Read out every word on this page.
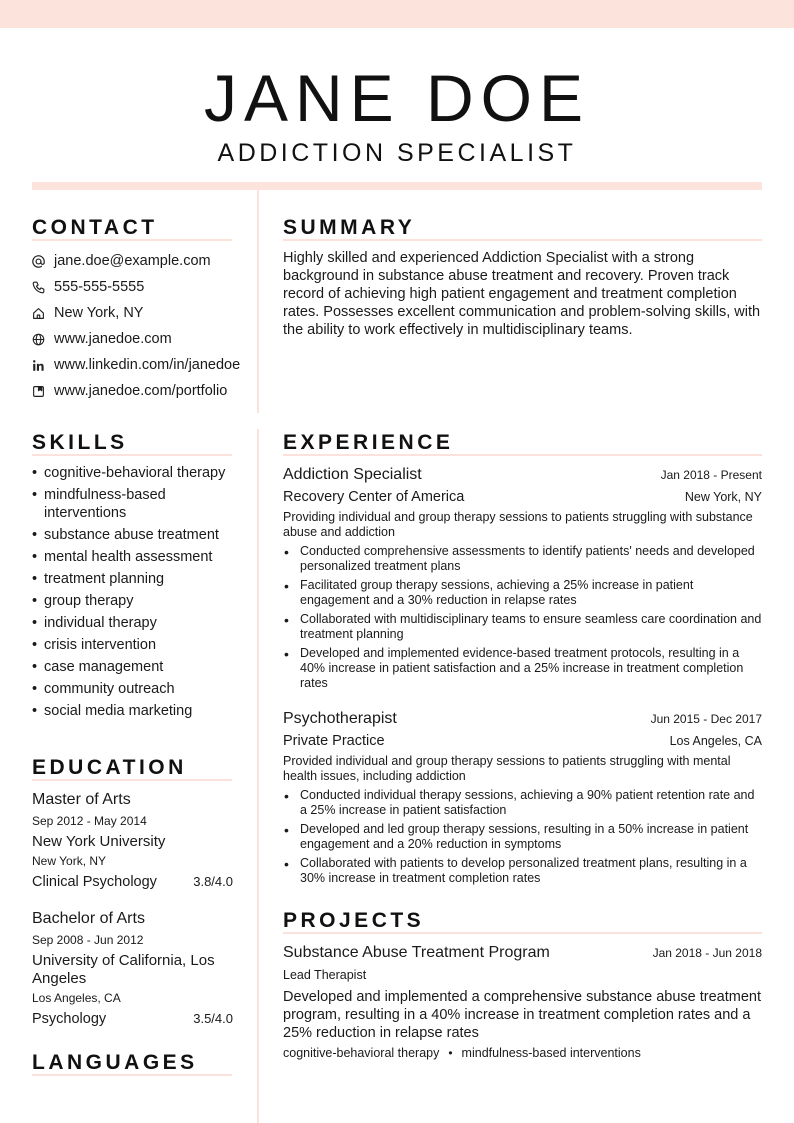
JANE DOE
ADDICTION SPECIALIST
CONTACT
jane.doe@example.com
555-555-5555
New York, NY
www.janedoe.com
www.linkedin.com/in/janedoe
www.janedoe.com/portfolio
SUMMARY

Highly skilled and experienced Addiction Specialist with a strong background in substance abuse treatment and recovery. Proven track record of achieving high patient engagement and treatment completion rates. Possesses excellent communication and problem-solving skills, with the ability to work effectively in multidisciplinary teams.

SKILLS
• cognitive-behavioral therapy
• mindfulness-based interventions
• substance abuse treatment
• mental health assessment
• treatment planning
• group therapy
• individual therapy
• crisis intervention
• case management
• community outreach
• social media marketing
EDUCATION
Master of Arts
Sep 2012 - May 2014
New York University
New York, NY
Clinical Psychology	3.8/4.0
Bachelor of Arts
Sep 2008 - Jun 2012
University of California, Los Angeles
Los Angeles, CA
Psychology	3.5/4.0
LANGUAGES
EXPERIENCE
Addiction Specialist	Jan 2018 - Present
Recovery Center of America	New York, NY
Providing individual and group therapy sessions to patients struggling with substance abuse and addiction
• Conducted comprehensive assessments to identify patients' needs and developed personalized treatment plans
• Facilitated group therapy sessions, achieving a 25% increase in patient engagement and a 30% reduction in relapse rates
• Collaborated with multidisciplinary teams to ensure seamless care coordination and treatment planning
• Developed and implemented evidence-based treatment protocols, resulting in a 40% increase in patient satisfaction and a 25% increase in treatment completion rates
Psychotherapist	Jun 2015 - Dec 2017
Private Practice	Los Angeles, CA
Provided individual and group therapy sessions to patients struggling with mental health issues, including addiction
• Conducted individual therapy sessions, achieving a 90% patient retention rate and a 25% increase in patient satisfaction
• Developed and led group therapy sessions, resulting in a 50% increase in patient engagement and a 20% reduction in symptoms
• Collaborated with patients to develop personalized treatment plans, resulting in a 30% increase in treatment completion rates
PROJECTS
Substance Abuse Treatment Program	Jan 2018 - Jun 2018
Lead Therapist
Developed and implemented a comprehensive substance abuse treatment program, resulting in a 40% increase in treatment completion rates and a 25% reduction in relapse rates
cognitive-behavioral therapy • mindfulness-based interventions
